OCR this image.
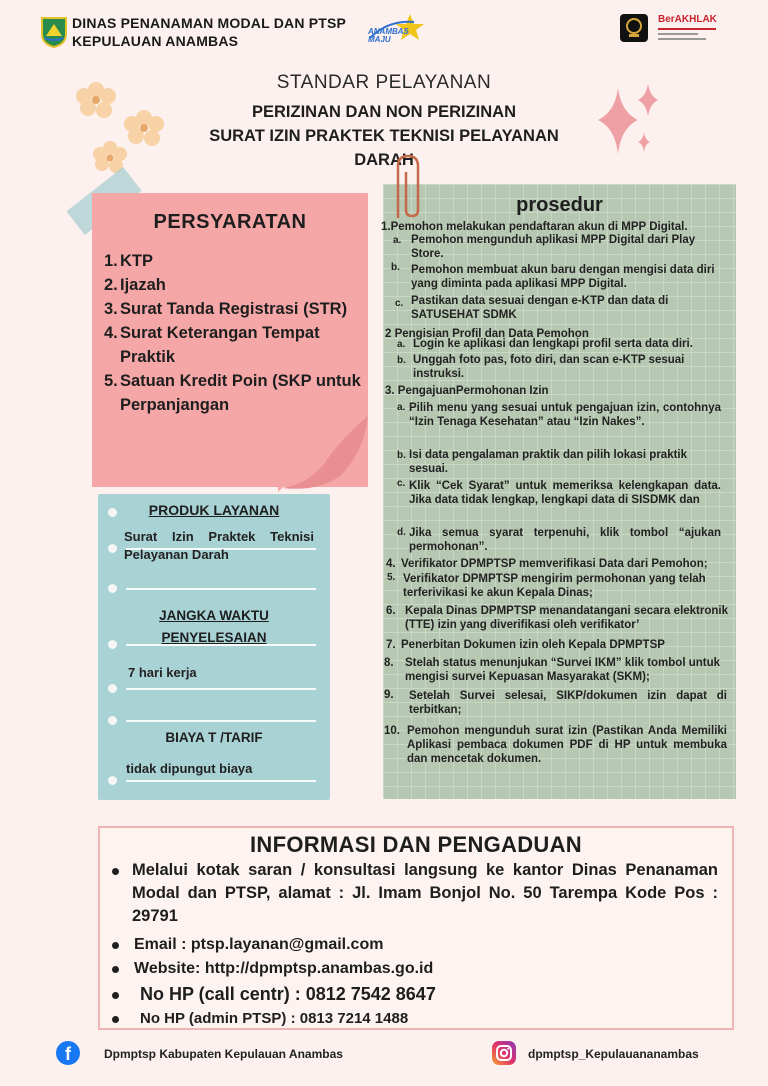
DINAS PENANAMAN MODAL DAN PTSP
KEPULAUAN ANAMBAS
ANAMBAS MAJU
BerAKHLAK
STANDAR PELAYANAN
PERIZINAN DAN NON PERIZINAN
SURAT IZIN PRAKTEK TEKNISI PELAYANAN
DARAH
PERSYARATAN
1. KTP
2. Ijazah
3. Surat Tanda Registrasi (STR)
4. Surat Keterangan Tempat Praktik
5. Satuan Kredit Poin (SKP untuk Perpanjangan
PRODUK LAYANAN
Surat Izin Praktek Teknisi Pelayanan Darah
JANGKA WAKTU
PENYELESAIAN
7 hari kerja
BIAYA T /TARIF
tidak dipungut biaya
prosedur
1.Pemohon melakukan pendaftaran akun di MPP Digital.
a. Pemohon mengunduh aplikasi MPP Digital dari Play Store.
b. Pemohon membuat akun baru dengan mengisi data diri yang diminta pada aplikasi MPP Digital.
c. Pastikan data sesuai dengan e-KTP dan data di SATUSEHAT SDMK
2 Pengisian Profil dan Data Pemohon
a. Login ke aplikasi dan lengkapi profil serta data diri.
b. Unggah foto pas, foto diri, dan scan e-KTP sesuai instruksi.
3. PengajuanPermohonan Izin
a. Pilih menu yang sesuai untuk pengajuan izin, contohnya “Izin Tenaga Kesehatan” atau “Izin Nakes”.
b. Isi data pengalaman praktik dan pilih lokasi praktik sesuai.
c. Klik “Cek Syarat” untuk memeriksa kelengkapan data. Jika data tidak lengkap, lengkapi data di SISDMK dan
d. Jika semua syarat terpenuhi, klik tombol “ajukan permohonan”.
4. Verifikator DPMPTSP memverifikasi Data dari Pemohon;
5. Verifikator DPMPTSP mengirim permohonan yang telah terferivikasi ke akun Kepala Dinas;
6. Kepala Dinas DPMPTSP menandatangani secara elektronik (TTE) izin yang diverifikasi oleh verifikator’
7. Penerbitan Dokumen izin oleh Kepala DPMPTSP
8. Stelah status menunjukan “Survei IKM” klik tombol untuk mengisi survei Kepuasan Masyarakat (SKM);
9. Setelah Survei selesai, SIKP/dokumen izin dapat di terbitkan;
10. Pemohon mengunduh surat izin (Pastikan Anda Memiliki Aplikasi pembaca dokumen PDF di HP untuk membuka dan mencetak dokumen.
INFORMASI DAN PENGADUAN
Melalui kotak saran / konsultasi langsung ke kantor Dinas Penanaman Modal dan PTSP, alamat : Jl. Imam Bonjol No. 50 Tarempa Kode Pos : 29791
Email : ptsp.layanan@gmail.com
Website: http://dpmptsp.anambas.go.id
No HP (call centr) : 0812 7542 8647
No HP (admin PTSP) : 0813 7214 1488
f	Dpmptsp Kabupaten Kepulauan Anambas	dpmptsp_Kepulauananambas
